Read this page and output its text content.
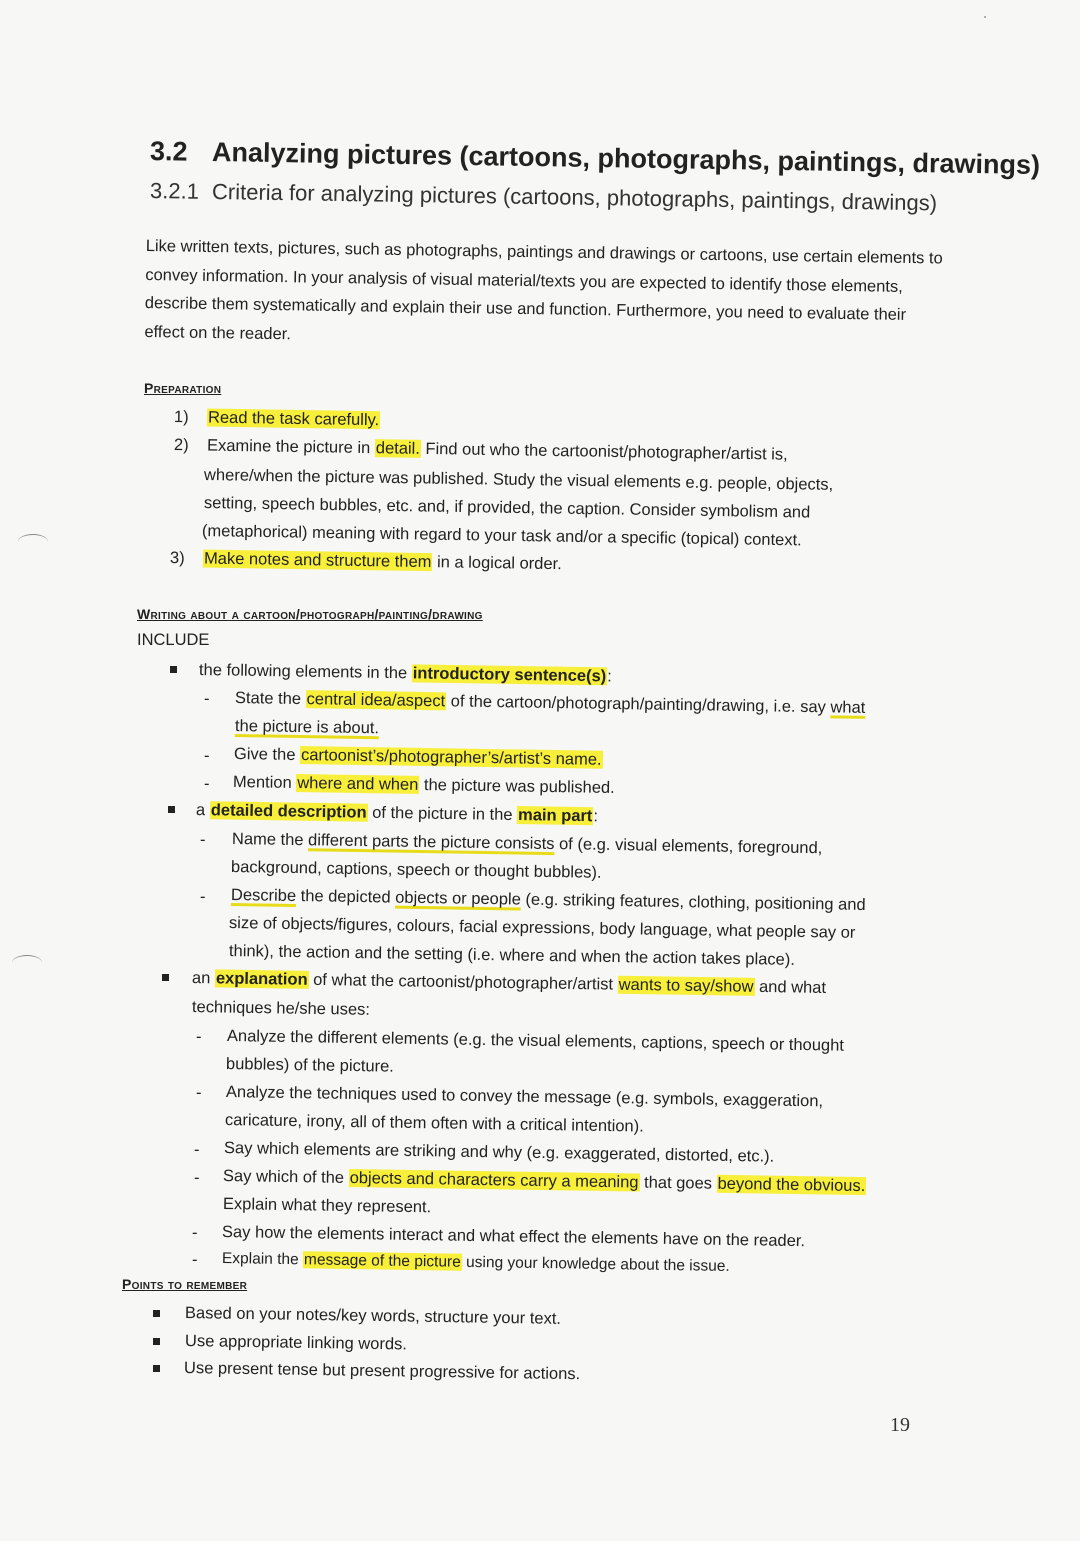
3.2 Analyzing pictures (cartoons, photographs, paintings, drawings)
3.2.1 Criteria for analyzing pictures (cartoons, photographs, paintings, drawings)
Like written texts, pictures, such as photographs, paintings and drawings or cartoons, use certain elements to convey information. In your analysis of visual material/texts you are expected to identify those elements, describe them systematically and explain their use and function. Furthermore, you need to evaluate their effect on the reader.
Preparation
1) Read the task carefully.
2) Examine the picture in detail. Find out who the cartoonist/photographer/artist is,
where/when the picture was published. Study the visual elements e.g. people, objects,
setting, speech bubbles, etc. and, if provided, the caption. Consider symbolism and
(metaphorical) meaning with regard to your task and/or a specific (topical) context.
3) Make notes and structure them in a logical order.
Writing about a cartoon/photograph/painting/drawing
INCLUDE
the following elements in the introductory sentence(s):
- State the central idea/aspect of the cartoon/photograph/painting/drawing, i.e. say what
the picture is about.
- Give the cartoonist’s/photographer’s/artist’s name.
- Mention where and when the picture was published.
a detailed description of the picture in the main part:
- Name the different parts the picture consists of (e.g. visual elements, foreground,
background, captions, speech or thought bubbles).
- Describe the depicted objects or people (e.g. striking features, clothing, positioning and
size of objects/figures, colours, facial expressions, body language, what people say or
think), the action and the setting (i.e. where and when the action takes place).
an explanation of what the cartoonist/photographer/artist wants to say/show and what
techniques he/she uses:
- Analyze the different elements (e.g. the visual elements, captions, speech or thought
bubbles) of the picture.
- Analyze the techniques used to convey the message (e.g. symbols, exaggeration,
caricature, irony, all of them often with a critical intention).
- Say which elements are striking and why (e.g. exaggerated, distorted, etc.).
- Say which of the objects and characters carry a meaning that goes beyond the obvious.
Explain what they represent.
- Say how the elements interact and what effect the elements have on the reader.
- Explain the message of the picture using your knowledge about the issue.
Points to remember
Based on your notes/key words, structure your text.
Use appropriate linking words.
Use present tense but present progressive for actions.
19
